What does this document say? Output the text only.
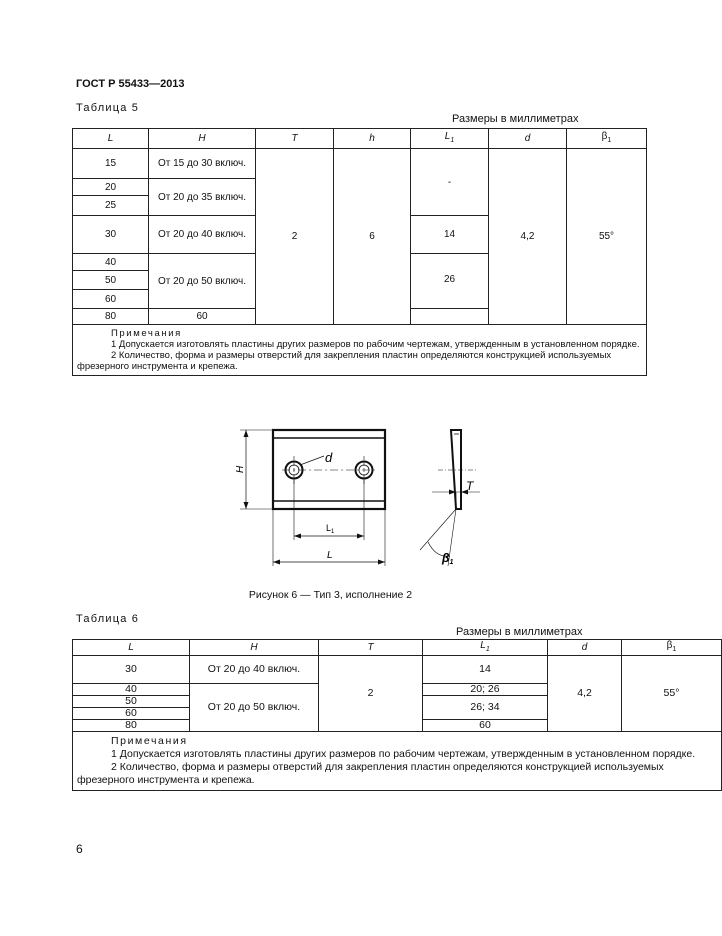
ГОСТ Р 55433—2013
Таблица 5
Размеры в миллиметрах
L	H	T	h	$L_1$	d	$\beta_1$
15	От 15 до 30 включ.	2	6	-	4,2	55°
20	От 20 до 35 включ.					
25						
30	От 20 до 40 включ.			14		
40	От 20 до 50 включ.			26		
50						
60						
80	60					

Примечания
1 Допускается изготовлять пластины других размеров по рабочим чертежам, утвержденным в установленном порядке.
2 Количество, форма и размеры отверстий для закрепления пластин определяются конструкцией используемых фрезерного инструмента и крепежа.						
H
d
$L_1$
L
T
β1
Рисунок 6 — Тип 3, исполнение 2
Таблица 6
Размеры в миллиметрах
L	H	T	$L_1$	d	$\beta_1$
30	От 20 до 40 включ.	2	14	4,2	55°
40	От 20 до 50 включ.		20; 26		
50			26; 34		
60					
80			60		

Примечания
1 Допускается изготовлять пластины других размеров по рабочим чертежам, утвержденным в установленном порядке.
2 Количество, форма и размеры отверстий для закрепления пластин определяются конструкцией используемых фрезерного инструмента и крепежа.					
6
